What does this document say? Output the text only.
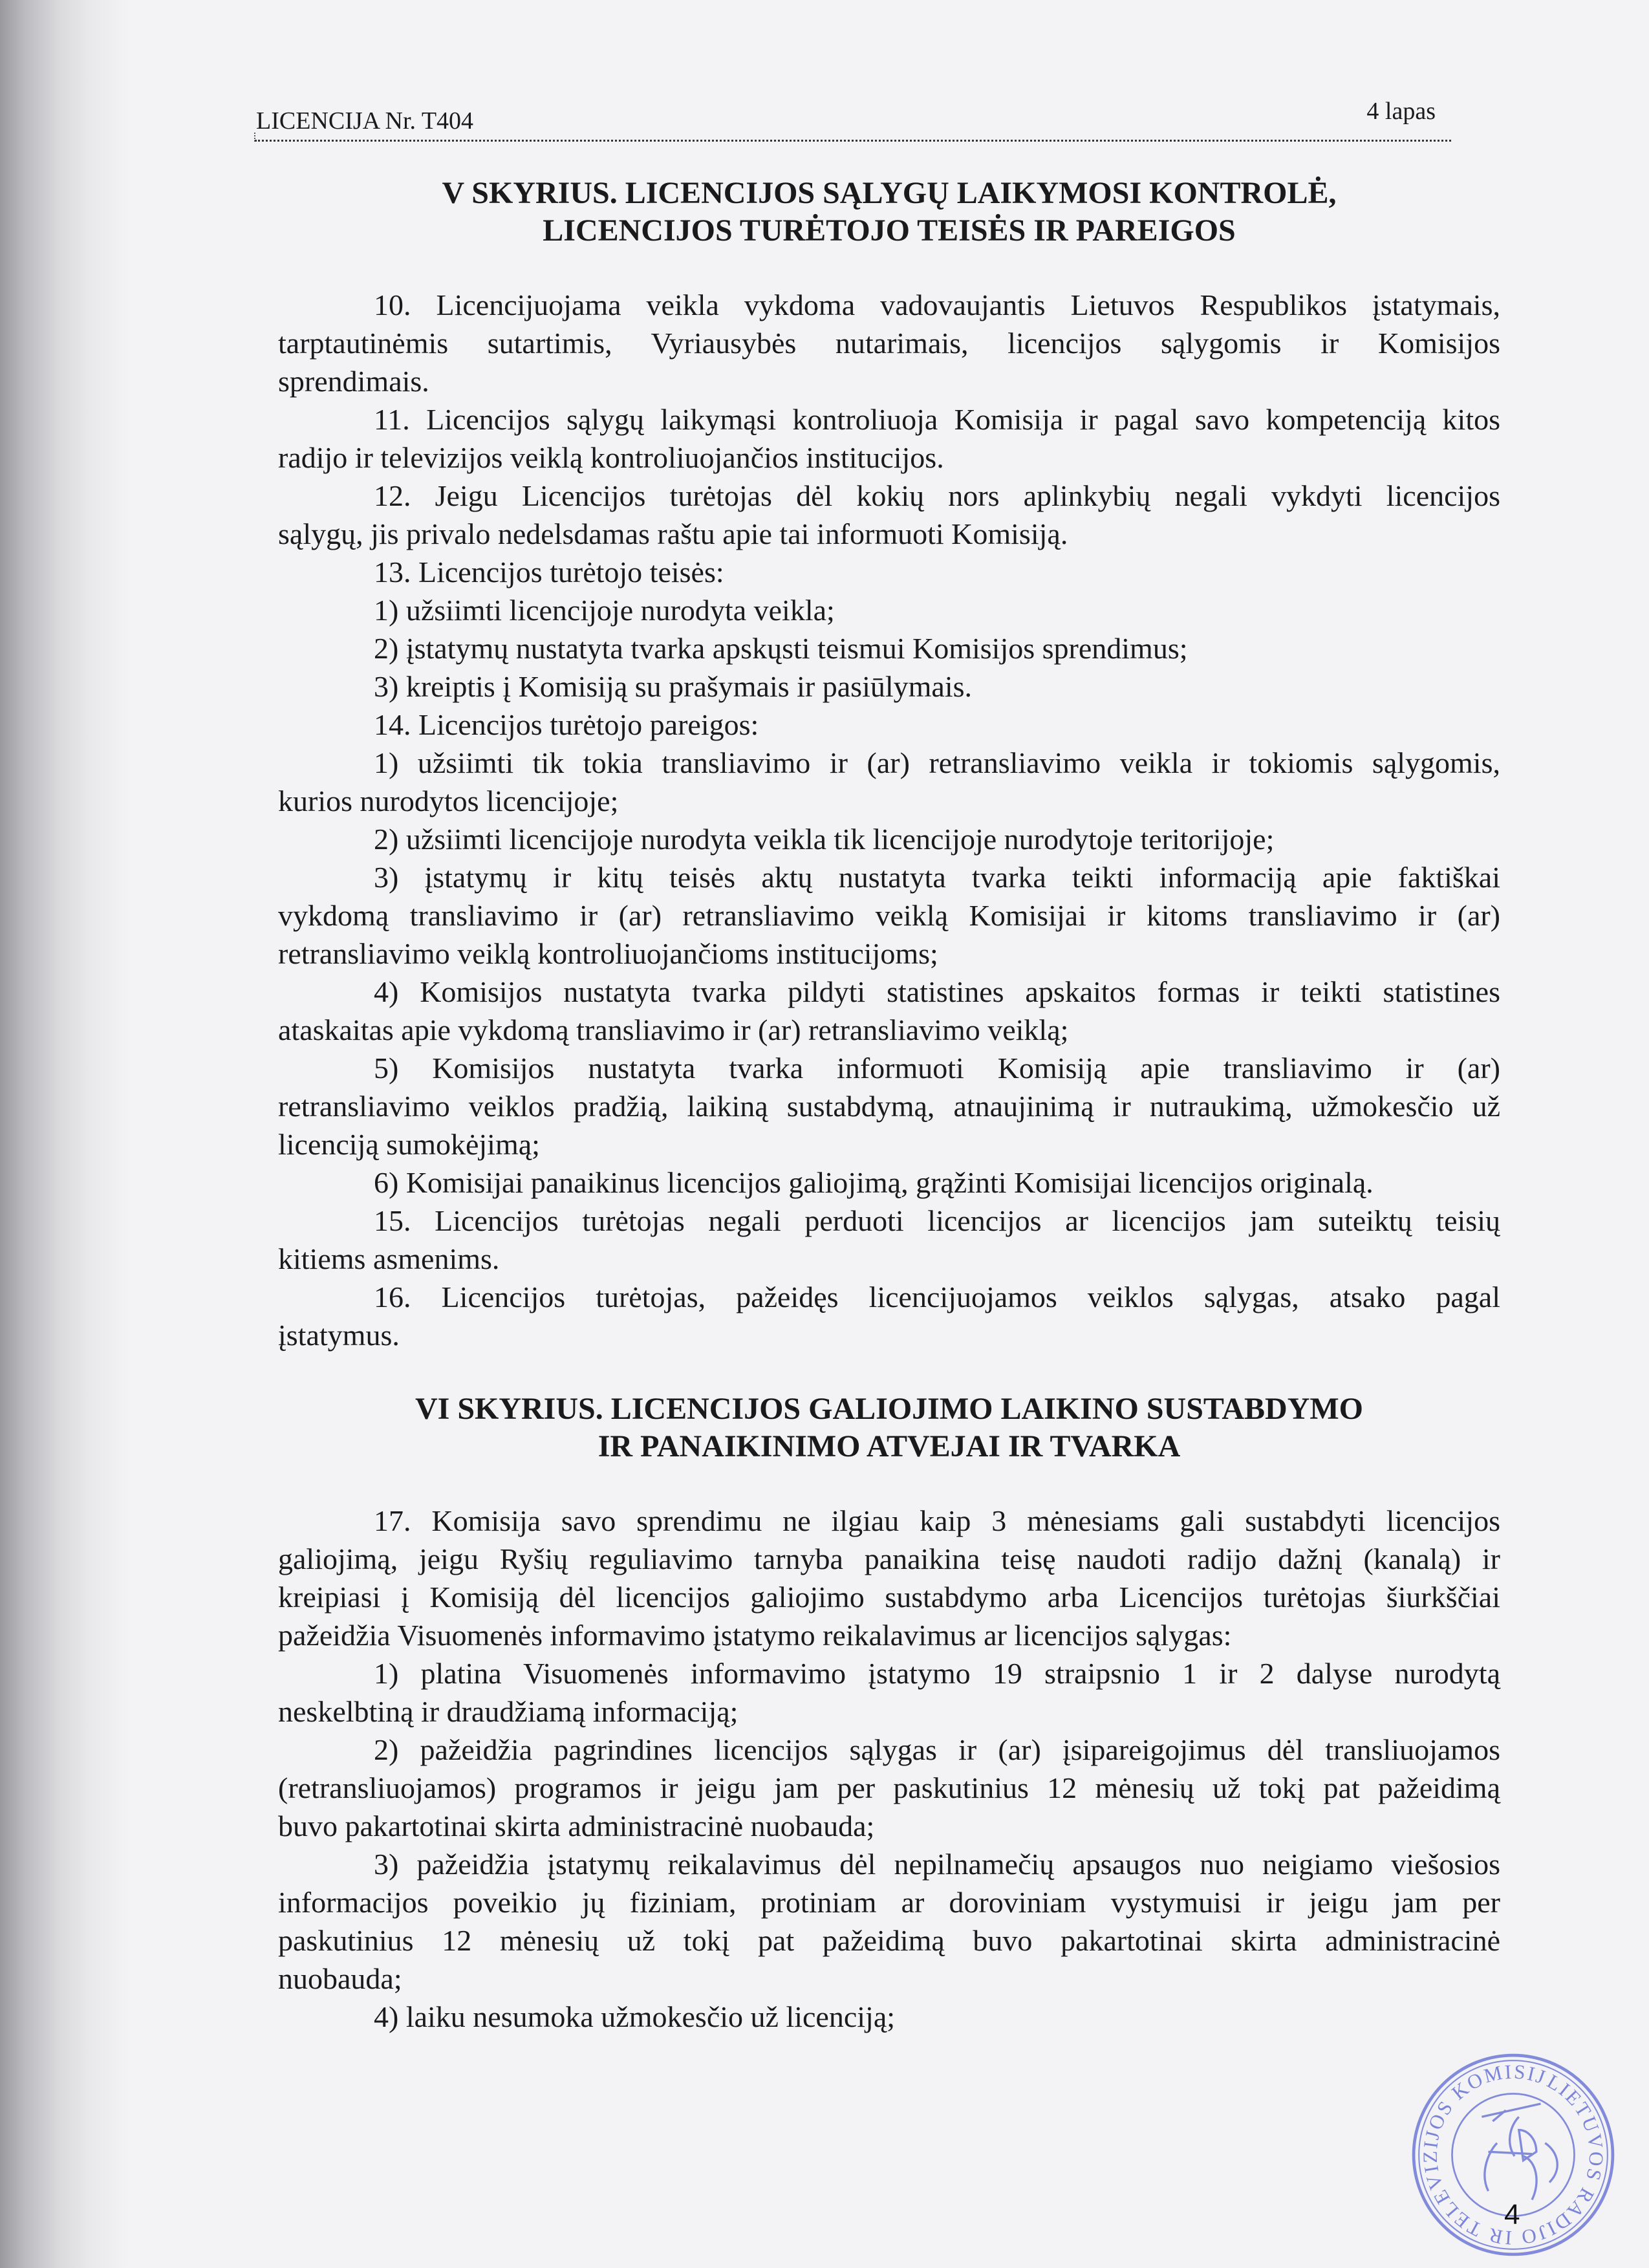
LICENCIJA Nr. T404	4 lapas
V SKYRIUS. LICENCIJOS SĄLYGŲ LAIKYMOSI KONTROLĖ,
LICENCIJOS TURĖTOJO TEISĖS IR PAREIGOS
10. Licencijuojama veikla vykdoma vadovaujantis Lietuvos Respublikos įstatymais,
tarptautinėmis sutartimis, Vyriausybės nutarimais, licencijos sąlygomis ir Komisijos
sprendimais.
11. Licencijos sąlygų laikymąsi kontroliuoja Komisija ir pagal savo kompetenciją kitos
radijo ir televizijos veiklą kontroliuojančios institucijos.
12. Jeigu Licencijos turėtojas dėl kokių nors aplinkybių negali vykdyti licencijos
sąlygų, jis privalo nedelsdamas raštu apie tai informuoti Komisiją.
13. Licencijos turėtojo teisės:
1) užsiimti licencijoje nurodyta veikla;
2) įstatymų nustatyta tvarka apskųsti teismui Komisijos sprendimus;
3) kreiptis į Komisiją su prašymais ir pasiūlymais.
14. Licencijos turėtojo pareigos:
1) užsiimti tik tokia transliavimo ir (ar) retransliavimo veikla ir tokiomis sąlygomis,
kurios nurodytos licencijoje;
2) užsiimti licencijoje nurodyta veikla tik licencijoje nurodytoje teritorijoje;
3) įstatymų ir kitų teisės aktų nustatyta tvarka teikti informaciją apie faktiškai
vykdomą transliavimo ir (ar) retransliavimo veiklą Komisijai ir kitoms transliavimo ir (ar)
retransliavimo veiklą kontroliuojančioms institucijoms;
4) Komisijos nustatyta tvarka pildyti statistines apskaitos formas ir teikti statistines
ataskaitas apie vykdomą transliavimo ir (ar) retransliavimo veiklą;
5) Komisijos nustatyta tvarka informuoti Komisiją apie transliavimo ir (ar)
retransliavimo veiklos pradžią, laikiną sustabdymą, atnaujinimą ir nutraukimą, užmokesčio už
licenciją sumokėjimą;
6) Komisijai panaikinus licencijos galiojimą, grąžinti Komisijai licencijos originalą.
15. Licencijos turėtojas negali perduoti licencijos ar licencijos jam suteiktų teisių
kitiems asmenims.
16. Licencijos turėtojas, pažeidęs licencijuojamos veiklos sąlygas, atsako pagal
įstatymus.
VI SKYRIUS. LICENCIJOS GALIOJIMO LAIKINO SUSTABDYMO
IR PANAIKINIMO ATVEJAI IR TVARKA
17. Komisija savo sprendimu ne ilgiau kaip 3 mėnesiams gali sustabdyti licencijos
galiojimą, jeigu Ryšių reguliavimo tarnyba panaikina teisę naudoti radijo dažnį (kanalą) ir
kreipiasi į Komisiją dėl licencijos galiojimo sustabdymo arba Licencijos turėtojas šiurkščiai
pažeidžia Visuomenės informavimo įstatymo reikalavimus ar licencijos sąlygas:
1) platina Visuomenės informavimo įstatymo 19 straipsnio 1 ir 2 dalyse nurodytą
neskelbtiną ir draudžiamą informaciją;
2) pažeidžia pagrindines licencijos sąlygas ir (ar) įsipareigojimus dėl transliuojamos
(retransliuojamos) programos ir jeigu jam per paskutinius 12 mėnesių už tokį pat pažeidimą
buvo pakartotinai skirta administracinė nuobauda;
3) pažeidžia įstatymų reikalavimus dėl nepilnamečių apsaugos nuo neigiamo viešosios
informacijos poveikio jų fiziniam, protiniam ar doroviniam vystymuisi ir jeigu jam per
paskutinius 12 mėnesių už tokį pat pažeidimą buvo pakartotinai skirta administracinė
nuobauda;
4) laiku nesumoka užmokesčio už licenciją;
LIETUVOS RADIJO IR TELEVIZIJOS KOMISIJ
4
